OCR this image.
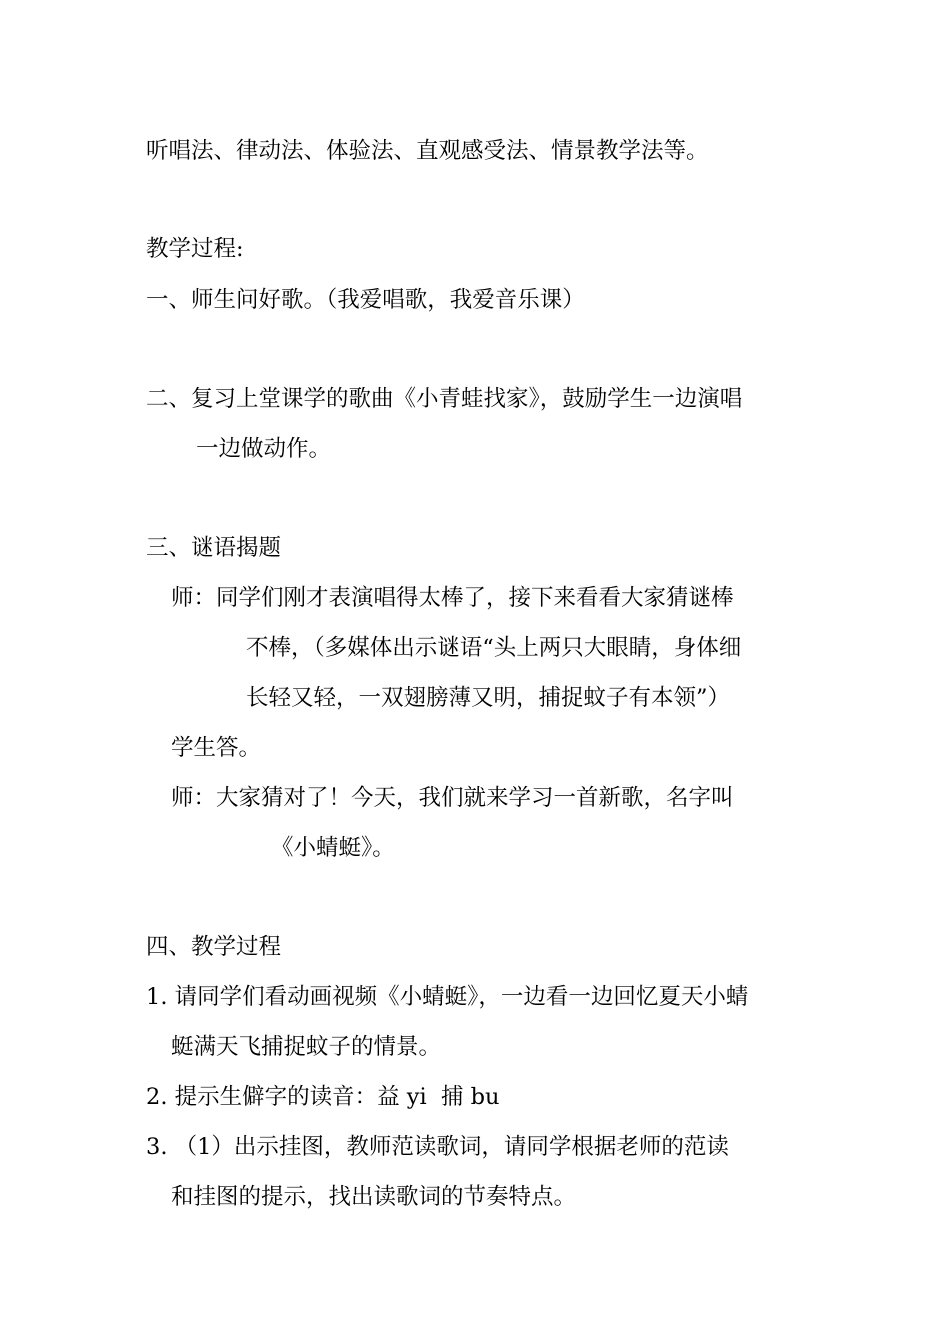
听唱法、律动法、体验法、直观感受法、情景教学法等。
教学过程:
一、师生问好歌。（我爱唱歌，我爱音乐课）
二、复习上堂课学的歌曲《小青蛙找家》，鼓励学生一边演唱
一边做动作。
三、谜语揭题
师：同学们刚才表演唱得太棒了，接下来看看大家猜谜棒
不棒，（多媒体出示谜语“头上两只大眼睛，身体细
长轻又轻，一双翅膀薄又明，捕捉蚊子有本领”）
学生答。
师：大家猜对了！今天，我们就来学习一首新歌，名字叫
《小蜻蜓》。
四、教学过程
1. 请同学们看动画视频《小蜻蜓》，一边看一边回忆夏天小蜻
蜓满天飞捕捉蚊子的情景。
2. 提示生僻字的读音：益 yi  捕 bu
3. （1）出示挂图，教师范读歌词，请同学根据老师的范读
和挂图的提示，找出读歌词的节奏特点。
